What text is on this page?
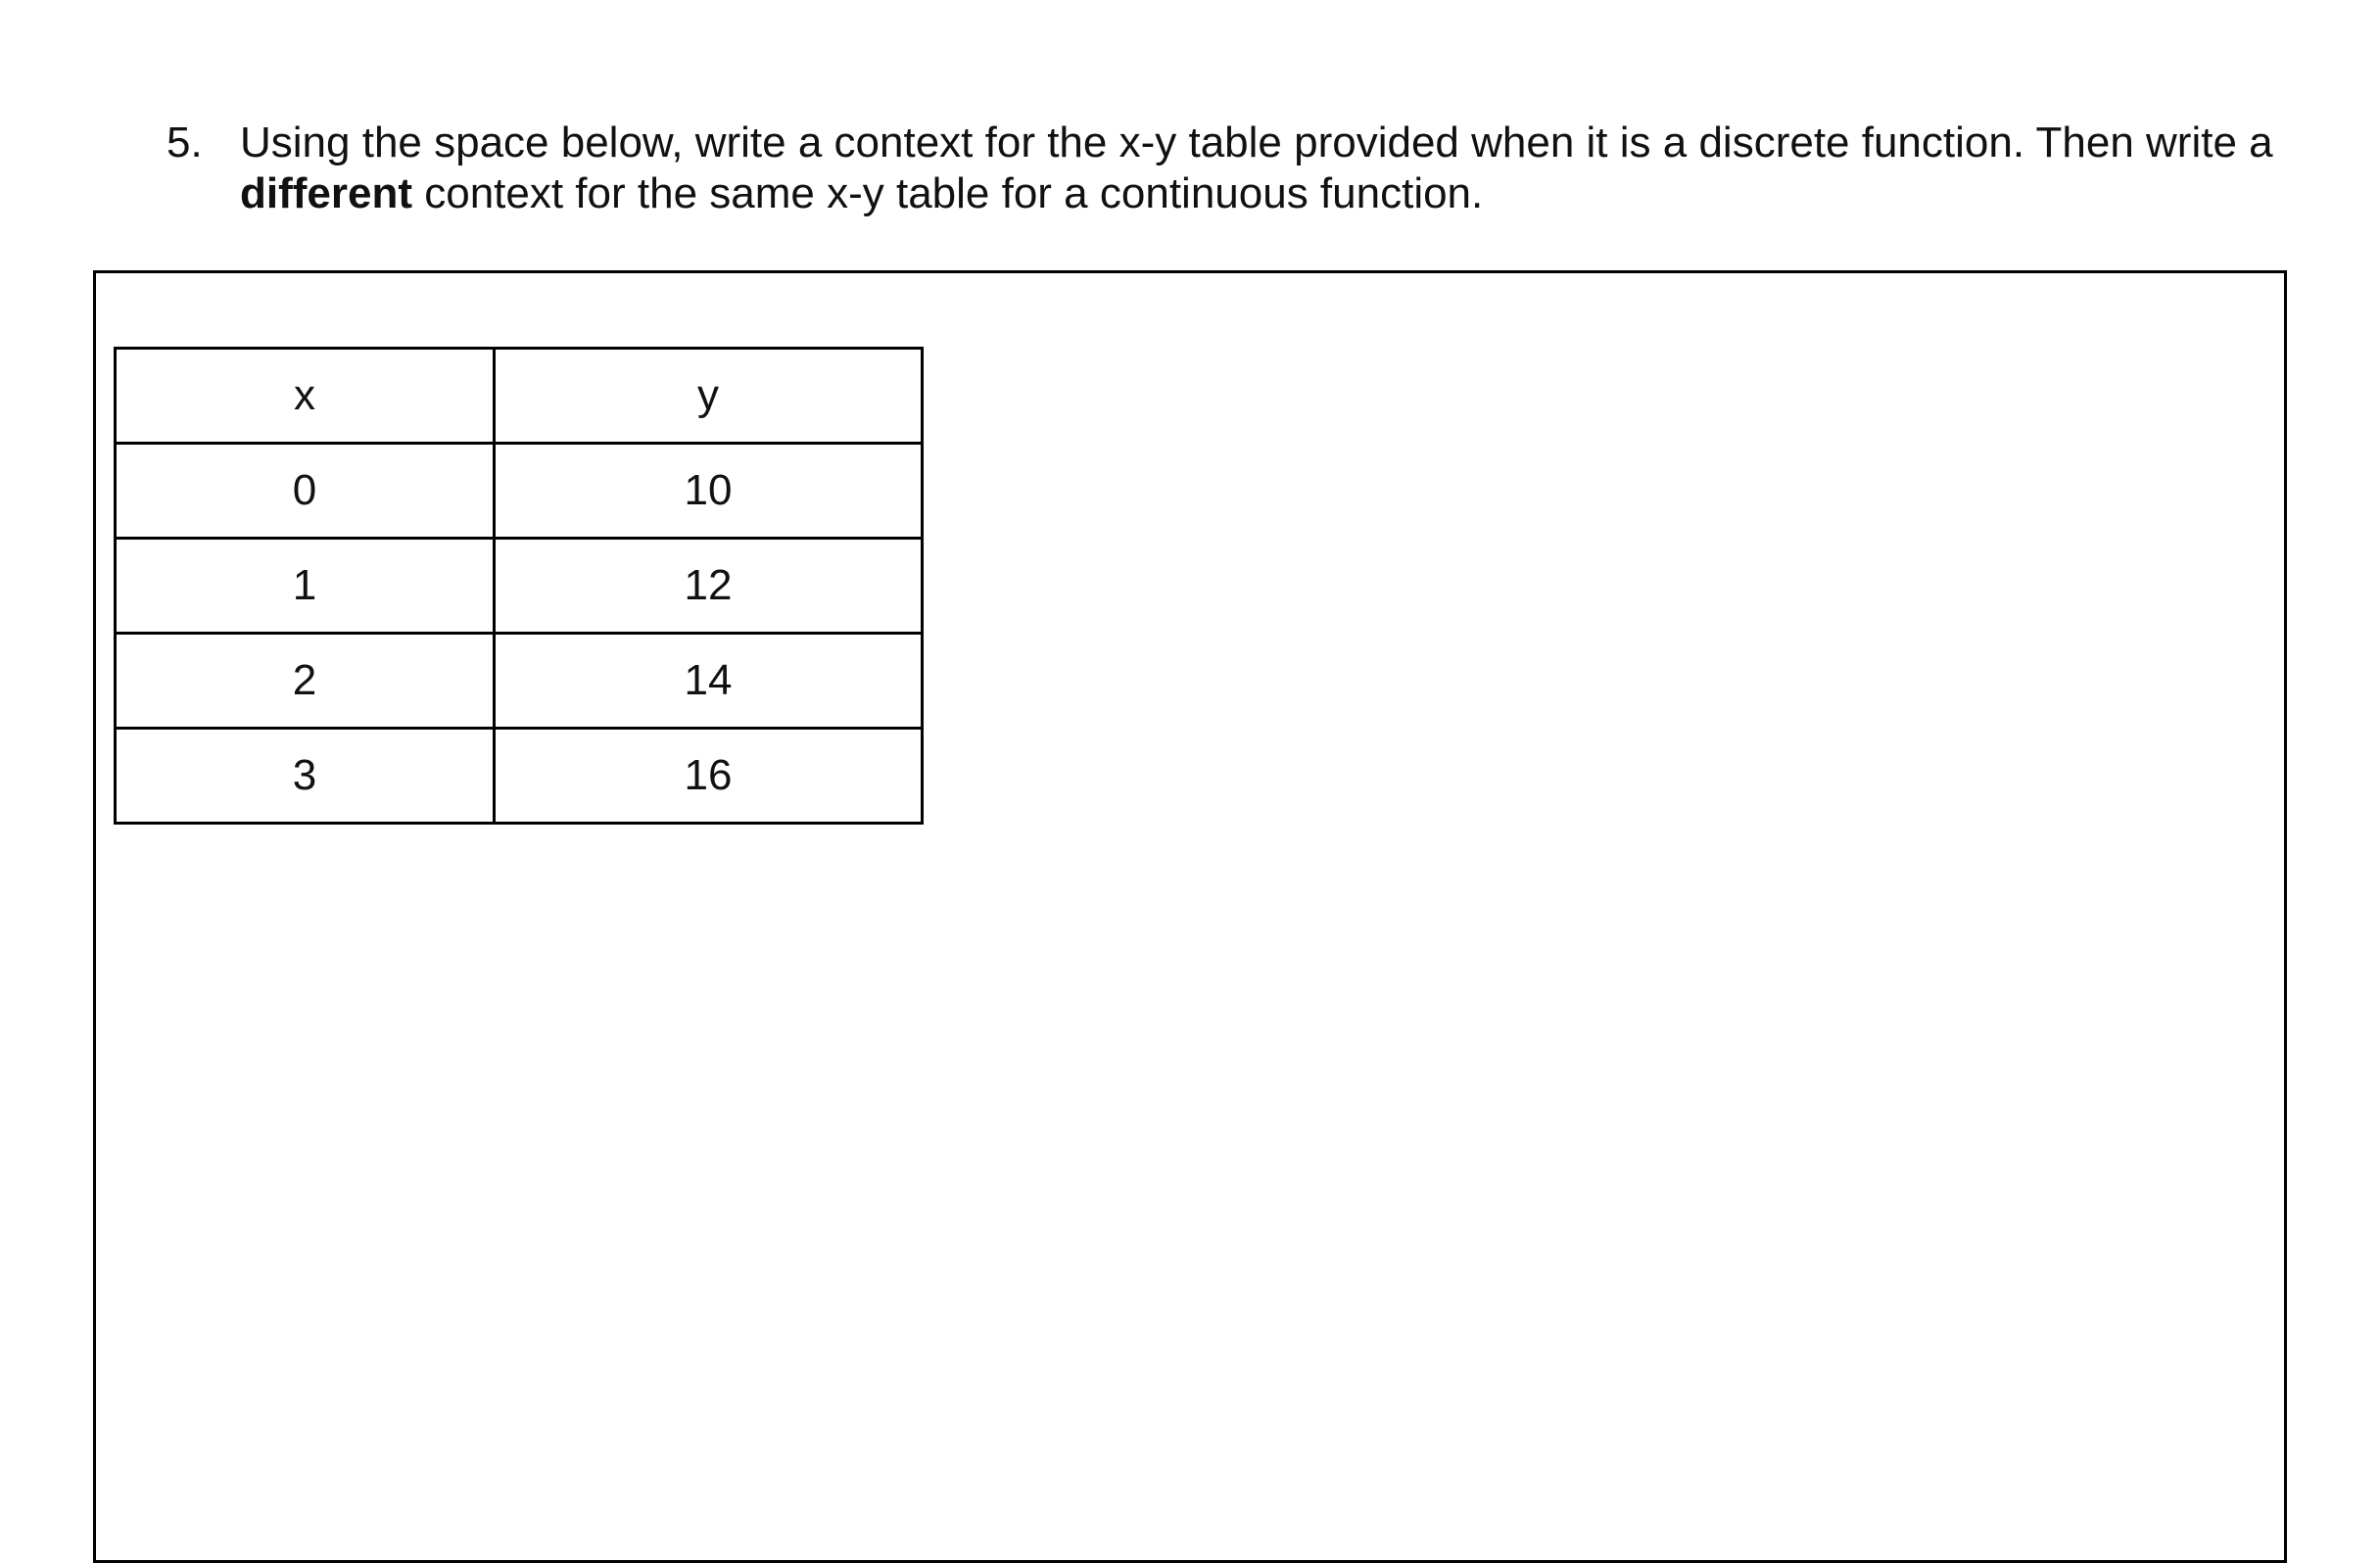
5. Using the space below, write a context for the x-y table provided when it is a discrete function. Then write a different context for the same x-y table for a continuous function.
x	y
0	10
1	12
2	14
3	16
